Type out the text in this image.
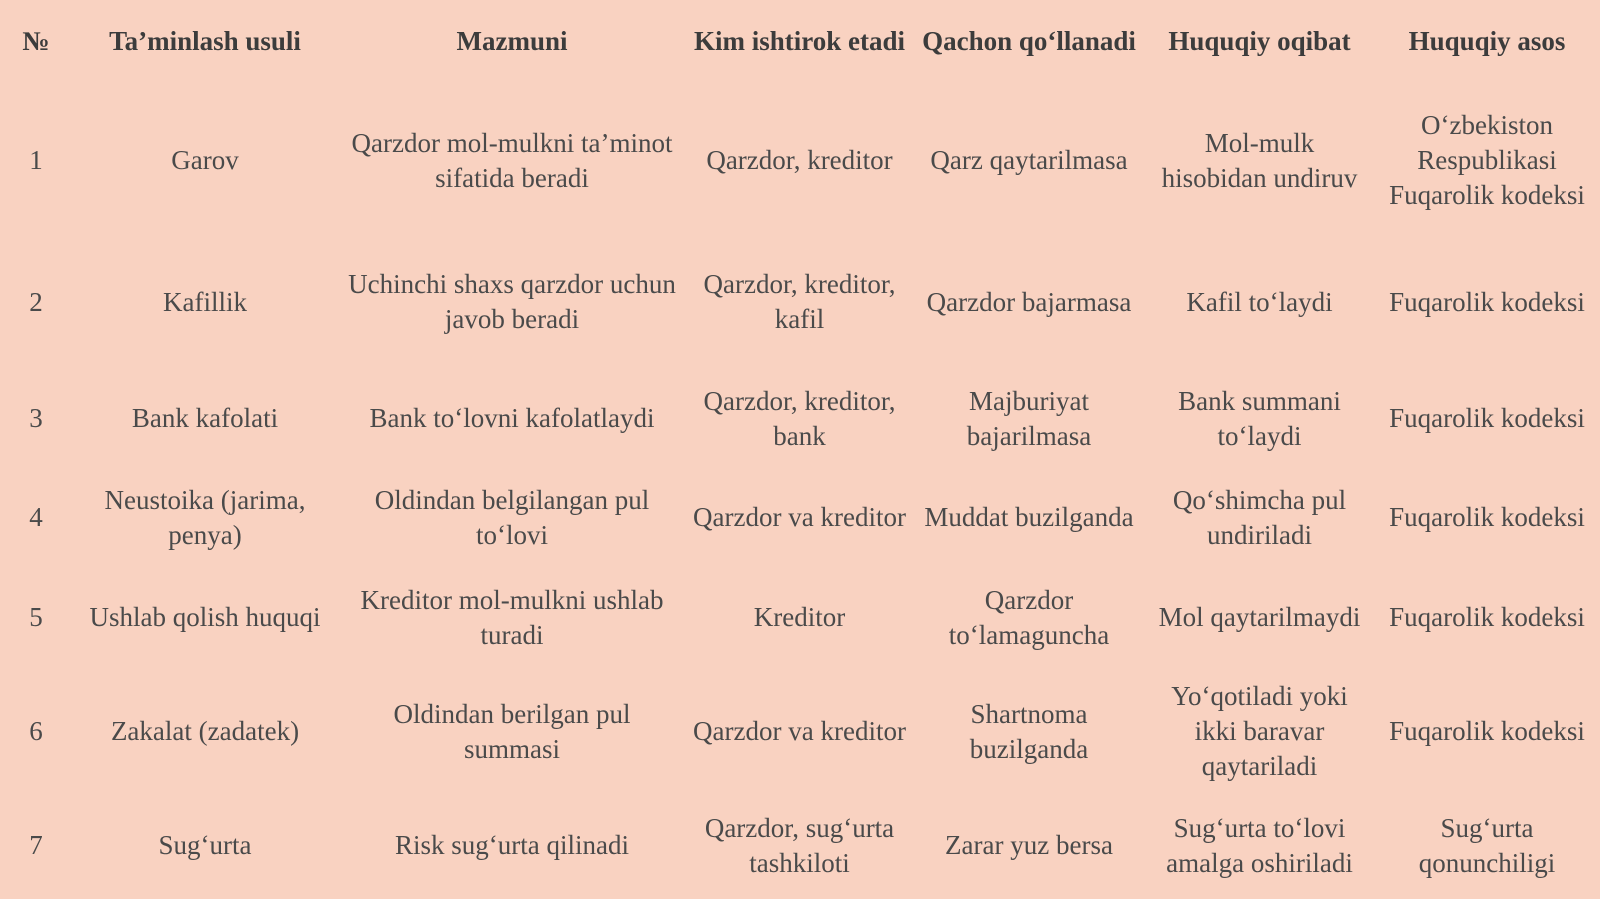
№	Ta’minlash usuli	Mazmuni	Kim ishtirok etadi	Qachon qo‘llanadi	Huquqiy oqibat	Huquqiy asos
1	Garov	Qarzdor mol-mulkni ta’minot sifatida beradi	Qarzdor, kreditor	Qarz qaytarilmasa	Mol-mulk hisobidan undiruv	O‘zbekiston Respublikasi Fuqarolik kodeksi
2	Kafillik	Uchinchi shaxs qarzdor uchun javob beradi	Qarzdor, kreditor, kafil	Qarzdor bajarmasa	Kafil to‘laydi	Fuqarolik kodeksi
3	Bank kafolati	Bank to‘lovni kafolatlaydi	Qarzdor, kreditor, bank	Majburiyat bajarilmasa	Bank summani to‘laydi	Fuqarolik kodeksi
4	Neustoika (jarima, penya)	Oldindan belgilangan pul to‘lovi	Qarzdor va kreditor	Muddat buzilganda	Qo‘shimcha pul undiriladi	Fuqarolik kodeksi
5	Ushlab qolish huquqi	Kreditor mol-mulkni ushlab turadi	Kreditor	Qarzdor to‘lamaguncha	Mol qaytarilmaydi	Fuqarolik kodeksi
6	Zakalat (zadatek)	Oldindan berilgan pul summasi	Qarzdor va kreditor	Shartnoma buzilganda	Yo‘qotiladi yoki ikki baravar qaytariladi	Fuqarolik kodeksi
7	Sug‘urta	Risk sug‘urta qilinadi	Qarzdor, sug‘urta tashkiloti	Zarar yuz bersa	Sug‘urta to‘lovi amalga oshiriladi	Sug‘urta qonunchiligi
